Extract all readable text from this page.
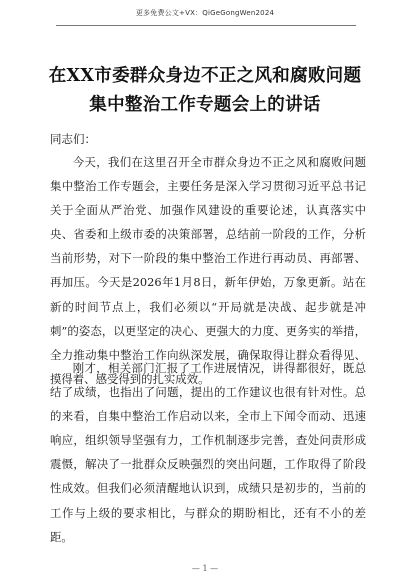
更多免费公文+VX：QiGeGongWen2024
在XX市委群众身边不正之风和腐败问题
集中整治工作专题会上的讲话
同志们：

今天，我们在这里召开全市群众身边不正之风和腐败问题集中整治工作专题会，主要任务是深入学习贯彻习近平总书记关于全面从严治党、加强作风建设的重要论述，认真落实中央、省委和上级市委的决策部署，总结前一阶段的工作，分析当前形势，对下一阶段的集中整治工作进行再动员、再部署、再加压。今天是2026年1月8日，新年伊始，万象更新。站在新的时间节点上，我们必须以“开局就是决战、起步就是冲刺”的姿态，以更坚定的决心、更强大的力度、更务实的举措，全力推动集中整治工作向纵深发展，确保取得让群众看得见、摸得着、感受得到的扎实成效。

刚才，相关部门汇报了工作进展情况，讲得都很好，既总结了成绩，也指出了问题，提出的工作建议也很有针对性。总的来看，自集中整治工作启动以来，全市上下闻令而动、迅速响应，组织领导坚强有力，工作机制逐步完善，查处问责形成震慑，解决了一批群众反映强烈的突出问题，工作取得了阶段性成效。但我们必须清醒地认识到，成绩只是初步的，当前的工作与上级的要求相比，与群众的期盼相比，还有不小的差距。

— 1 —
